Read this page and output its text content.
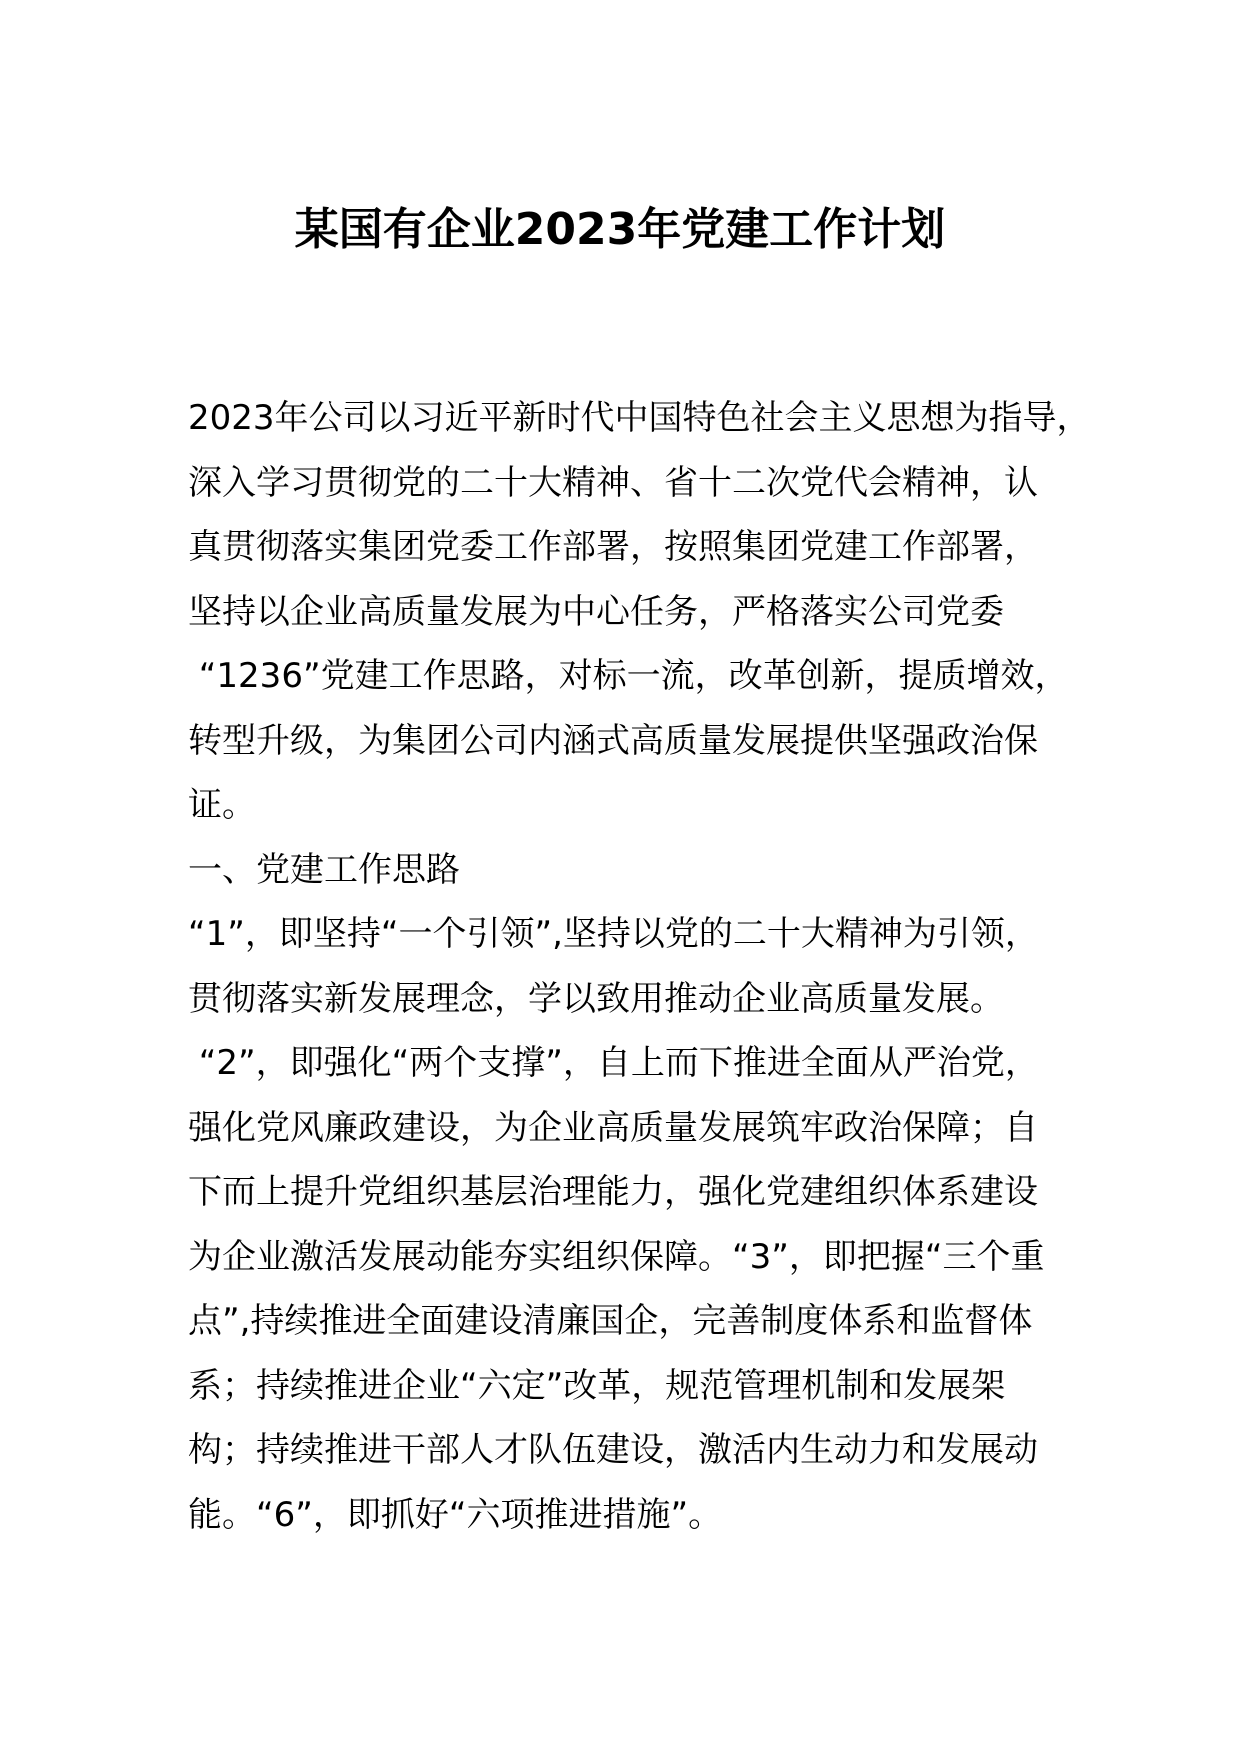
某国有企业2023年党建工作计划
2023年公司以习近平新时代中国特色社会主义思想为指导，
深入学习贯彻党的二十大精神、省十二次党代会精神，认
真贯彻落实集团党委工作部署，按照集团党建工作部署，
坚持以企业高质量发展为中心任务，严格落实公司党委
“1236”党建工作思路，对标一流，改革创新，提质增效，
转型升级，为集团公司内涵式高质量发展提供坚强政治保
证。
一、党建工作思路
“1”，即坚持“一个引领”,坚持以党的二十大精神为引领，
贯彻落实新发展理念，学以致用推动企业高质量发展。
“2”，即强化“两个支撑”，自上而下推进全面从严治党，
强化党风廉政建设，为企业高质量发展筑牢政治保障；自
下而上提升党组织基层治理能力，强化党建组织体系建设
为企业激活发展动能夯实组织保障。“3”，即把握“三个重
点”,持续推进全面建设清廉国企，完善制度体系和监督体
系；持续推进企业“六定”改革，规范管理机制和发展架
构；持续推进干部人才队伍建设，激活内生动力和发展动
能。“6”，即抓好“六项推进措施”。
